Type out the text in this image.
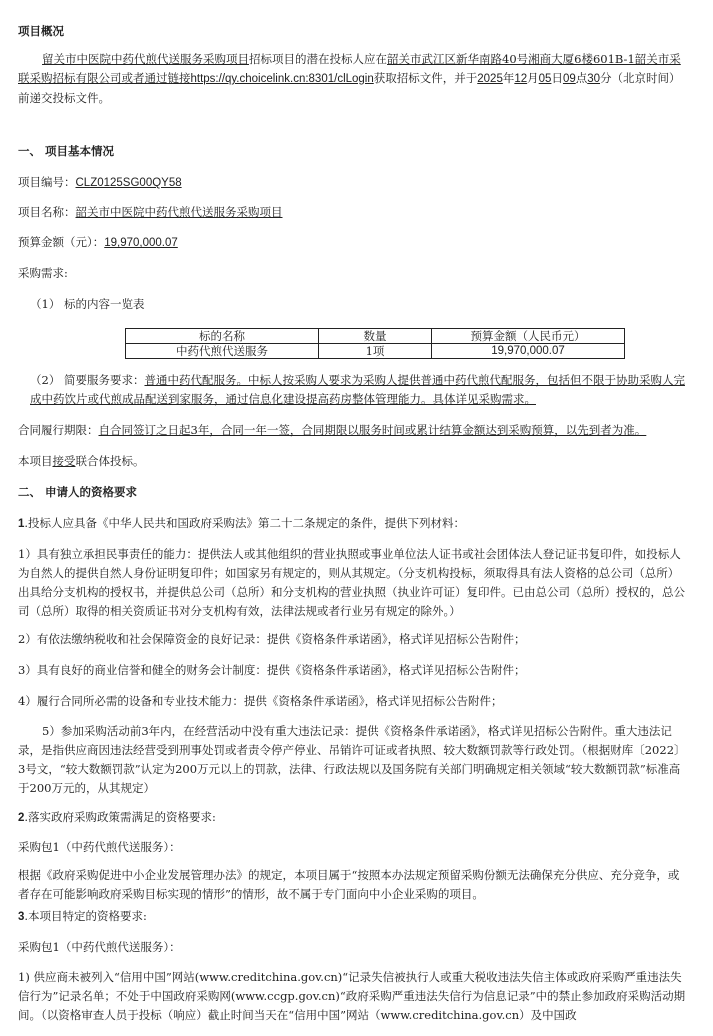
项目概况

留关市中医院中药代煎代送服务采购项目招标项目的潜在投标人应在韶关市武江区新华南路40号湘商大厦6楼601B-1韶关市采联采购招标有限公司或者通过链接https://qy.choicelink.cn:8301/clLogin获取招标文件，并于2025年12月05日09点30分（北京时间）前递交投标文件。

一、 项目基本情况

项目编号：CLZ0125SG00QY58

项目名称：韶关市中医院中药代煎代送服务采购项目

预算金额（元）：19,970,000.07

采购需求:

（1） 标的内容一览表

标的名称	数量	预算金额（人民币元）
中药代煎代送服务	1项	19,970,000.07

（2） 简要服务要求：普通中药代配服务。中标人按采购人要求为采购人提供普通中药代煎代配服务，包括但不限于协助采购人完成中药饮片或代煎成品配送到家服务，通过信息化建设提高药房整体管理能力。具体详见采购需求。

合同履行期限：自合同签订之日起3年，合同一年一签，合同期限以服务时间或累计结算金额达到采购预算，以先到者为准。

本项目接受联合体投标。

二、 申请人的资格要求

1.投标人应具备《中华人民共和国政府采购法》第二十二条规定的条件，提供下列材料：

1）具有独立承担民事责任的能力：提供法人或其他组织的营业执照或事业单位法人证书或社会团体法人登记证书复印件，如投标人为自然人的提供自然人身份证明复印件；如国家另有规定的，则从其规定。（分支机构投标，须取得具有法人资格的总公司（总所）出具给分支机构的授权书，并提供总公司（总所）和分支机构的营业执照（执业许可证）复印件。已由总公司（总所）授权的，总公司（总所）取得的相关资质证书对分支机构有效，法律法规或者行业另有规定的除外。）

2）有依法缴纳税收和社会保障资金的良好记录：提供《资格条件承诺函》，格式详见招标公告附件；

3）具有良好的商业信誉和健全的财务会计制度：提供《资格条件承诺函》，格式详见招标公告附件；

4）履行合同所必需的设备和专业技术能力：提供《资格条件承诺函》，格式详见招标公告附件；

5）参加采购活动前3年内，在经营活动中没有重大违法记录：提供《资格条件承诺函》，格式详见招标公告附件。重大违法记录，是指供应商因违法经营受到刑事处罚或者责令停产停业、吊销许可证或者执照、较大数额罚款等行政处罚。（根据财库〔2022〕3号文，“较大数额罚款”认定为200万元以上的罚款，法律、行政法规以及国务院有关部门明确规定相关领域“较大数额罚款”标准高于200万元的，从其规定）

2.落实政府采购政策需满足的资格要求:

采购包1（中药代煎代送服务）：

根据《政府采购促进中小企业发展管理办法》的规定，本项目属于“按照本办法规定预留采购份额无法确保充分供应、充分竞争，或者存在可能影响政府采购目标实现的情形”的情形，故不属于专门面向中小企业采购的项目。

3.本项目特定的资格要求:

采购包1（中药代煎代送服务）：

1) 供应商未被列入“信用中国”网站(www.creditchina.gov.cn)“记录失信被执行人或重大税收违法失信主体或政府采购严重违法失信行为”记录名单；不处于中国政府采购网(www.ccgp.gov.cn)“政府采购严重违法失信行为信息记录”中的禁止参加政府采购活动期间。（以资格审查人员于投标（响应）截止时间当天在“信用中国”网站（www.creditchina.gov.cn）及中国政
